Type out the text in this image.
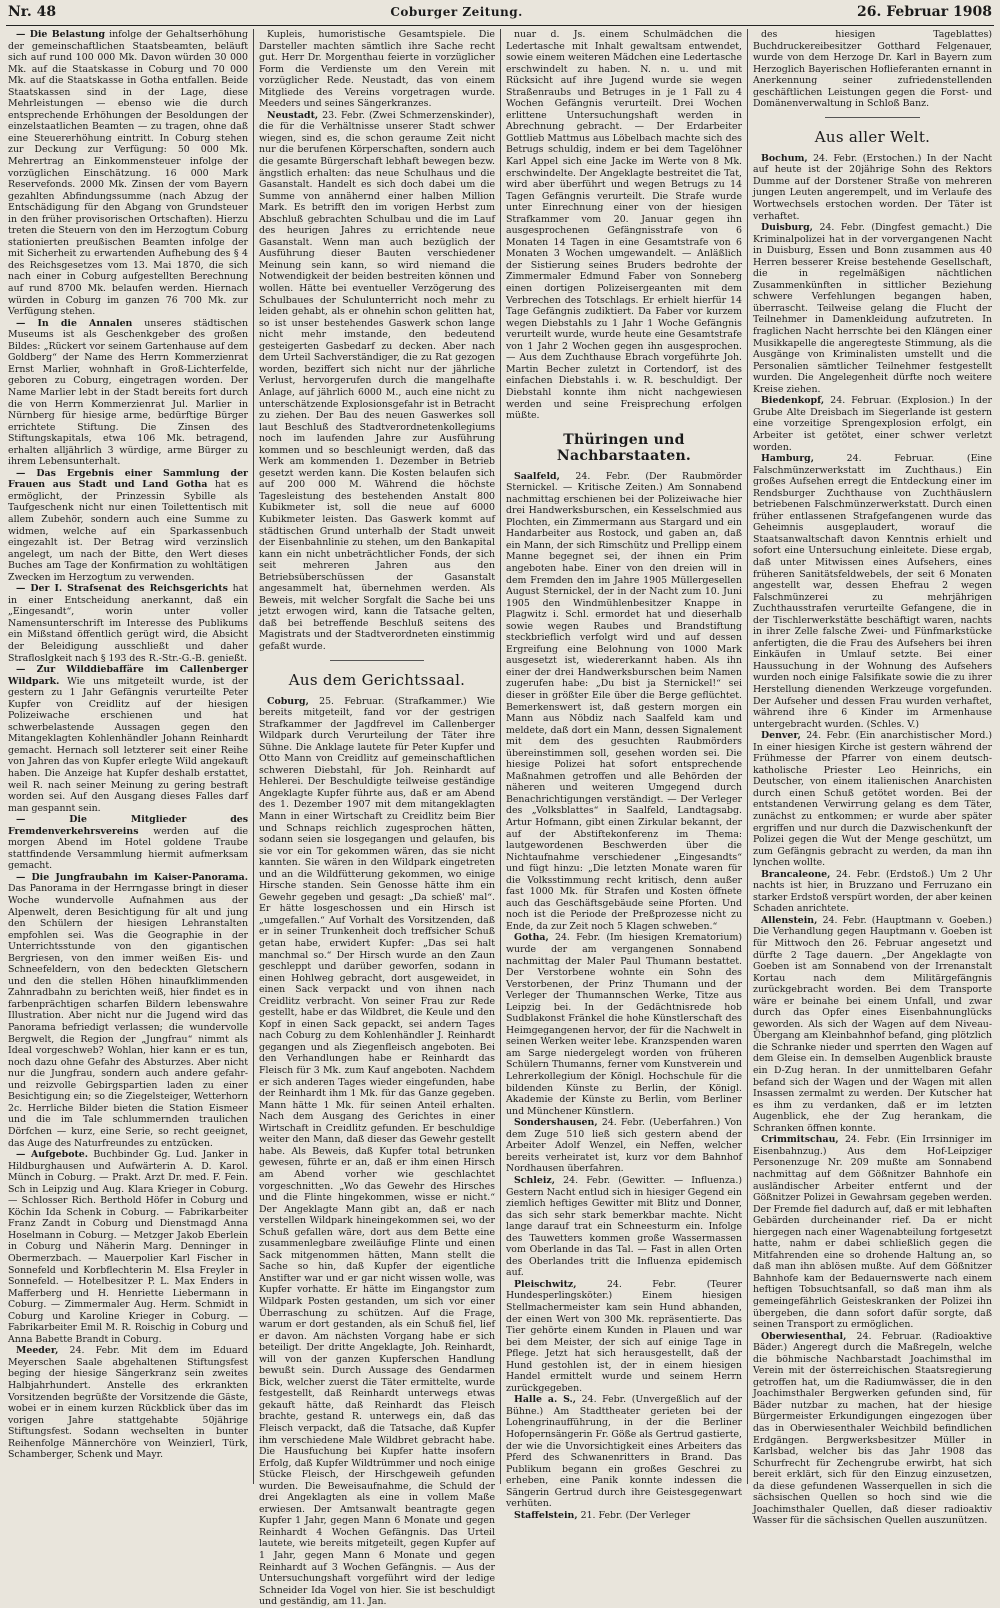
Nr. 48	Coburger Zeitung.	26. Februar 1908

— Die Belastung infolge der Gehaltserhöhung der gemeinschaftlichen Staatsbeamten, beläuft sich auf rund 100 000 Mk. Davon würden 30 000 Mk. auf die Staatskasse in Coburg und 70 000 Mk. auf die Staatskasse in Gotha entfallen. Beide Staatskassen sind in der Lage, diese Mehrleistungen — ebenso wie die durch entsprechende Erhöhungen der Besoldungen der einzelstaatlichen Beamten — zu tragen, ohne daß eine Steuererhöhung eintritt. In Coburg stehen zur Deckung zur Verfügung: 50 000 Mk. Mehrertrag an Einkommensteuer infolge der vorzüglichen Einschätzung. 16 000 Mark Reservefonds. 2000 Mk. Zinsen der vom Bayern gezahlten Abfindungssumme (nach Abzug der Entschädigung für den Abgang von Grundsteuer in den früher provisorischen Ortschaften). Hierzu treten die Steuern von den im Herzogtum Coburg stationierten preußischen Beamten infolge der mit Sicherheit zu erwartenden Aufhebung des § 4 des Reichsgesetzes vom 13. Mai 1870, die sich nach einer in Coburg aufgestellten Berechnung auf rund 8700 Mk. belaufen werden. Hiernach würden in Coburg im ganzen 76 700 Mk. zur Verfügung stehen.

— In die Annalen unseres städtischen Museums ist als Geschenkgeber des großen Bildes: „Rückert vor seinem Gartenhause auf dem Goldberg“ der Name des Herrn Kommerzienrat Ernst Marlier, wohnhaft in Groß-Lichterfelde, geboren zu Coburg, eingetragen worden. Der Name Marlier lebt in der Stadt bereits fort durch die von Herrn Kommerzienrat Jul. Marlier in Nürnberg für hiesige arme, bedürftige Bürger errichtete Stiftung. Die Zinsen des Stiftungskapitals, etwa 106 Mk. betragend, erhalten alljährlich 3 würdige, arme Bürger zu ihrem Lebensunterhalt.

— Das Ergebnis einer Sammlung der Frauen aus Stadt und Land Gotha hat es ermöglicht, der Prinzessin Sybille als Taufgeschenk nicht nur einen Toilettentisch mit allem Zubehör, sondern auch eine Summe zu widmen, welche auf ein Sparkassenbuch eingezahlt ist. Der Betrag wird verzinslich angelegt, um nach der Bitte, den Wert dieses Buches am Tage der Konfirmation zu wohltätigen Zwecken im Herzogtum zu verwenden.

— Der I. Strafsenat des Reichsgerichts hat in einer Entscheidung anerkannt, daß ein „Eingesandt“, worin unter voller Namensunterschrift im Interesse des Publikums ein Mißstand öffentlich gerügt wird, die Absicht der Beleidigung ausschließt und daher Strafloslgkeit nach § 193 des R.-Str.-G.-B. genießt.

— Zur Wilddiebaffäre im Callenberger Wildpark. Wie uns mitgeteilt wurde, ist der gestern zu 1 Jahr Gefängnis verurteilte Peter Kupfer von Creidlitz auf der hiesigen Polizeiwache erschienen und hat schwerbelastende Aussagen gegen den Mitangeklagten Kohlenhändler Johann Reinhardt gemacht. Hernach soll letzterer seit einer Reihe von Jahren das von Kupfer erlegte Wild angekauft haben. Die Anzeige hat Kupfer deshalb erstattet, weil R. nach seiner Meinung zu gering bestraft worden sei. Auf den Ausgang dieses Falles darf man gespannt sein.

— Die Mitglieder des Fremdenverkehrsvereins werden auf die morgen Abend im Hotel goldene Traube stattfindende Versammlung hiermit aufmerksam gemacht.

— Die Jungfraubahn im Kaiser-Panorama. Das Panorama in der Herrngasse bringt in dieser Woche wundervolle Aufnahmen aus der Alpenwelt, deren Besichtigung für alt und jung den Schülern der hiesigen Lehranstalten empfohlen sei. Was die Geographie in der Unterrichtsstunde von den gigantischen Bergriesen, von den immer weißen Eis- und Schneefeldern, von den bedeckten Gletschern und den die stellen Höhen hinaufklimmenden Zahnradbahn zu berichten weiß, hier findet es in farbenprächtigen scharfen Bildern lebenswahre Illustration. Aber nicht nur die Jugend wird das Panorama befriedigt verlassen; die wundervolle Bergwelt, die Region der „Jungfrau“ nimmt als Ideal vorgeschweb? Wohlan, hier kann er es tun, noch dazu ohne Gefahr des Absturzes. Aber nicht nur die Jungfrau, sondern auch andere gefahr- und reizvolle Gebirgspartien laden zu einer Besichtigung ein; so die Ziegelsteiger, Wetterhorn 2c. Herrliche Bilder bieten die Station Eismeer und die im Tale schlummernden traulichen Dörfchen — kurz, eine Serie, so recht geeignet, das Auge des Naturfreundes zu entzücken.

— Aufgebote. Buchbinder Gg. Lud. Janker in Hildburghausen und Aufwärterin A. D. Karol. Münch in Coburg. — Prakt. Arzt Dr. med. F. Fein. Sch in Leipzig und Aug. Klara Krieger in Coburg. — Schlosser Rich. Berthold Höfer in Coburg und Köchin Ida Schenk in Coburg. — Fabrikarbeiter Franz Zandt in Coburg und Dienstmagd Anna Hoselmann in Coburg. — Metzger Jakob Eberlein in Coburg und Näherin Marg. Denninger in Obermerzbach. — Mauerpolier Karl Fischer in Sonnefeld und Korbflechterin M. Elsa Freyler in Sonnefeld. — Hotelbesitzer P. L. Max Enders in Mafferberg und H. Henriette Liebermann in Coburg. — Zimmermaler Aug. Herm. Schmidt in Coburg und Karoline Krieger in Coburg. — Fabrikarbeiter Emil M. R. Roischig in Coburg und Anna Babette Brandt in Coburg.

Meeder, 24. Febr. Mit dem im Eduard Meyerschen Saale abgehaltenen Stiftungsfest beging der hiesige Sängerkranz sein zweites Halbjahrhundert. Anstelle des erkrankten Vorsitzenden begrüßte der Vorsitzende die Gäste, wobei er in einem kurzen Rückblick über das im vorigen Jahre stattgehabte 50jährige Stiftungsfest. Sodann wechselten in bunter Reihenfolge Männerchöre von Weinzierl, Türk, Schamberger, Schenk und Mayr.

Kupleis, humoristische Gesamtspiele. Die Darsteller machten sämtlich ihre Sache recht gut. Herr Dr. Morgenthau feierte in vorzüglicher Form die Verdienste um den Verein mit vorzüglicher Rede. Neustadt, das von einem Mitgliede des Vereins vorgetragen wurde. Meeders und seines Sängerkranzes.

Neustadt, 23. Febr. (Zwei Schmerzenskinder), die für die Verhältnisse unserer Stadt schwer wiegen, sind es, die schon geraume Zeit nicht nur die berufenen Körperschaften, sondern auch die gesamte Bürgerschaft lebhaft bewegen bezw. ängstlich erhalten: das neue Schulhaus und die Gasanstalt. Handelt es sich doch dabei um die Summe von annähernd einer halben Million Mark. Es betrifft den im vorigen Herbst zum Abschluß gebrachten Schulbau und die im Lauf des heurigen Jahres zu errichtende neue Gasanstalt. Wenn man auch bezüglich der Ausführung dieser Bauten verschiedener Meinung sein kann, so wird niemand die Notwendigkeit der beiden bestreiten können und wollen. Hätte bei eventueller Verzögerung des Schulbaues der Schulunterricht noch mehr zu leiden gehabt, als er ohnehin schon gelitten hat, so ist unser bestehendes Gaswerk schon lange nicht mehr imstande, den bedeutend gesteigerten Gasbedarf zu decken. Aber nach dem Urteil Sachverständiger, die zu Rat gezogen worden, beziffert sich nicht nur der jährliche Verlust, hervorgerufen durch die mangelhafte Anlage, auf jährlich 6000 M., auch eine nicht zu unterschätzende Explosionsgefahr ist in Betracht zu ziehen. Der Bau des neuen Gaswerkes soll laut Beschluß des Stadtverordnetenkollegiums noch im laufenden Jahre zur Ausführung kommen und so beschleunigt werden, daß das Werk am kommenden 1. Dezember in Betrieb gesetzt werden kann. Die Kosten belaufen sich auf 200 000 M. Während die höchste Tagesleistung des bestehenden Anstalt 800 Kubikmeter ist, soll die neue auf 6000 Kubikmeter leisten. Das Gaswerk kommt auf städtischen Grund unterhalb der Stadt unweit der Eisenbahnlinie zu stehen, um den Bankapital kann ein nicht unbeträchtlicher Fonds, der sich seit mehreren Jahren aus den Betriebsüberschüssen der Gasanstalt angesammelt hat, übernehmen werden. Als Beweis, mit welcher Sorgfalt die Sache bei uns jetzt erwogen wird, kann die Tatsache gelten, daß bei betreffende Beschluß seitens des Magistrats und der Stadtverordneten einstimmig gefaßt wurde.

Aus dem Gerichtssaal.

Coburg, 25. Februar. (Strafkammer.) Wie bereits mitgeteilt, fand vor der gestrigen Strafkammer der Jagdfrevel im Callenberger Wildpark durch Verurteilung der Täter ihre Sühne. Die Anklage lautete für Peter Kupfer und Otto Mann von Creidlitz auf gemeinschaftlichen schweren Diebstahl, für Joh. Reinhardt auf Hehlerei. Der Beschuldigte teilweise geständige Angeklagte Kupfer führte aus, daß er am Abend des 1. Dezember 1907 mit dem mitangeklagten Mann in einer Wirtschaft zu Creidlitz beim Bier und Schnaps reichlich zugesprochen hätten, sodann seien sie losgegangen und gelaufen, bis sie vor ein Tor gekommen wären, das sie nicht kannten. Sie wären in den Wildpark eingetreten und an die Wildfütterung gekommen, wo einige Hirsche standen. Sein Genosse hätte ihm ein Gewehr gegeben und gesagt: „Da schieß' mal“. Er hätte losgeschossen und ein Hirsch ist „umgefallen.“ Auf Vorhalt des Vorsitzenden, daß er in seiner Trunkenheit doch treffsicher Schuß getan habe, erwidert Kupfer: „Das sei halt manchmal so.“ Der Hirsch wurde an den Zaun geschleppt und darüber geworfen, sodann in einen Hohlweg gebracht, dort ausgeweidet, in einen Sack verpackt und von ihnen nach Creidlitz verbracht. Von seiner Frau zur Rede gestellt, habe er das Wildbret, die Keule und den Kopf in einen Sack gepackt, sei andern Tages nach Coburg zu dem Kohlenhändler J. Reinhardt gegangen und als Ziegenfleisch angeboten. Bei den Verhandlungen habe er Reinhardt das Fleisch für 3 Mk. zum Kauf angeboten. Nachdem er sich anderen Tages wieder eingefunden, habe der Reinhardt ihm 1 Mk. für das Ganze gegeben. Mann hätte 1 Mk. für seinen Anteil erhalten. Nach dem Ausgang des Gerichtes in einer Wirtschaft in Creidlitz gefunden. Er beschuldige weiter den Mann, daß dieser das Gewehr gestellt habe. Als Beweis, daß Kupfer total betrunken gewesen, führte er an, daß er ihm einen Hirsch am Abend vorher wie geschlachtet vorgeschnitten. „Wo das Gewehr des Hirsches und die Flinte hingekommen, wisse er nicht.“ Der Angeklagte Mann gibt an, daß er nach verstellen Wildpark hineingekommen sei, wo der Schuß gefallen wäre, dort aus dem Bette eine zusammenlegbare zweiläufige Flinte und einen Sack mitgenommen hätten, Mann stellt die Sache so hin, daß Kupfer der eigentliche Anstifter war und er gar nicht wissen wolle, was Kupfer vorhatte. Er hätte im Eingangstor zum Wildpark Posten gestanden, um sich vor einer Überraschung zu schützen. Auf die Frage, warum er dort gestanden, als ein Schuß fiel, lief er davon. Am nächsten Vorgang habe er sich beteiligt. Der dritte Angeklagte, Joh. Reinhardt, will von der ganzen Kupferschen Handlung bewußt sein. Durch Aussage des Gendarmen Bick, welcher zuerst die Täter ermittelte, wurde festgestellt, daß Reinhardt unterwegs etwas gekauft hätte, daß Reinhardt das Fleisch brachte, gestand R. unterwegs ein, daß das Fleisch verpackt, daß die Tatsache, daß Kupfer ihm verschiedene Male Wildbret gebracht habe. Die Hausfuchung bei Kupfer hatte insofern Erfolg, daß Kupfer Wildtrümmer und noch einige Stücke Fleisch, der Hirschgeweih gefunden wurden. Die Beweisaufnahme, die Schuld der drei Angeklagten als eine in vollem Maße erwiesen. Der Amtsanwalt beantragte gegen Kupfer 1 Jahr, gegen Mann 6 Monate und gegen Reinhardt 4 Wochen Gefängnis. Das Urteil lautete, wie bereits mitgeteilt, gegen Kupfer auf 1 Jahr, gegen Mann 6 Monate und gegen Reinhardt auf 3 Wochen Gefängnis. — Aus der Untersuchungshaft vorgeführt wird der ledige Schneider Ida Vogel von hier. Sie ist beschuldigt und geständig, am 11. Jan.

nuar d. Js. einem Schulmädchen die Ledertasche mit Inhalt gewaltsam entwendet, sowie einem weiteren Mädchen eine Ledertasche erschwindelt zu haben. N. n. u. und mit Rücksicht auf ihre Jugend wurde sie wegen Straßenraubs und Betruges in je 1 Fall zu 4 Wochen Gefängnis verurteilt. Drei Wochen erlittene Untersuchungshaft werden in Abrechnung gebracht. — Der Erdarbeiter Gottlieb Mattmus aus Löbelbach machte sich des Betrugs schuldig, indem er bei dem Tagelöhner Karl Appel sich eine Jacke im Werte von 8 Mk. erschwindelte. Der Angeklagte bestreitet die Tat, wird aber überführt und wegen Betrugs zu 14 Tagen Gefängnis verurteilt. Die Strafe wurde unter Einrechnung einer von der hiesigen Strafkammer vom 20. Januar gegen ihn ausgesprochenen Gefängnisstrafe von 6 Monaten 14 Tagen in eine Gesamtstrafe von 6 Monaten 3 Wochen umgewandelt. — Anläßlich der Sistierung seines Bruders bedrohte der Zimmermaler Edmund Faber von Sonneberg einen dortigen Polizeisergeanten mit dem Verbrechen des Totschlags. Er erhielt hierfür 14 Tage Gefängnis zudiktiert. Da Faber vor kurzem wegen Diebstahls zu 1 Jahr 1 Woche Gefängnis verurteilt wurde, wurde heute eine Gesamtstrafe von 1 Jahr 2 Wochen gegen ihn ausgesprochen. — Aus dem Zuchthause Ebrach vorgeführte Joh. Martin Becher zuletzt in Cortendorf, ist des einfachen Diebstahls i. w. R. beschuldigt. Der Diebstahl konnte ihm nicht nachgewiesen werden und seine Freisprechung erfolgen müßte.

Thüringen und Nachbarstaaten.

Saalfeld, 24. Febr. (Der Raubmörder Sternickel. — Kritische Zeiten.) Am Sonnabend nachmittag erschienen bei der Polizeiwache hier drei Handwerksburschen, ein Kesselschmied aus Plochten, ein Zimmermann aus Stargard und ein Handarbeiter aus Rostock, und gaben an, daß ein Mann, der sich Rimschütz und Prellipp einem Manne begegnet sei, der ihnen ein Prim angeboten habe. Einer von den dreien will in dem Fremden den im Jahre 1905 Müllergesellen August Sternickel, der in der Nacht zum 10. Juni 1905 den Windmühlenbesitzer Knappe in Plagwitz i. Schl. ermordet hat und dieserhalb sowie wegen Raubes und Brandstiftung steckbrieflich verfolgt wird und auf dessen Ergreifung eine Belohnung von 1000 Mark ausgesetzt ist, wiedererkannt haben. Als ihn einer der drei Handwerksburschen beim Namen zugerufen habe: „Du bist ja Sternickel!“ sei dieser in größter Eile über die Berge geflüchtet. Bemerkenswert ist, daß gestern morgen ein Mann aus Nöbdiz nach Saalfeld kam und meldete, daß dort ein Mann, dessen Signalement mit dem des gesuchten Raubmörders übereinstimmen soll, gesehen worden sei. Die hiesige Polizei hat sofort entsprechende Maßnahmen getroffen und alle Behörden der näheren und weiteren Umgegend durch Benachrichtigungen verständigt. — Der Verleger des „Volksblattes“ in Saalfeld, Landtagsabg. Artur Hofmann, gibt einen Zirkular bekannt, der auf der Abstiftekonferenz im Thema: lautgewordenen Beschwerden über die Nichtaufnahme verschiedener „Eingesandts“ und fügt hinzu: „Die letzten Monate waren für die Volksstimmung recht kritisch, denn außer fast 1000 Mk. für Strafen und Kosten öffnete auch das Geschäftsgebäude seine Pforten. Und noch ist die Periode der Preßprozesse nicht zu Ende, da zur Zeit noch 5 Klagen schweben.“

Gotha, 24. Febr. (Im hiesigen Krematorium) wurde der am vergangenen Sonnabend nachmittag der Maler Paul Thumann bestattet. Der Verstorbene wohnte ein Sohn des Verstorbenen, der Prinz Thumann und der Verleger der Thumannschen Werke, Titze aus Leipzig bei. In der Gedächtnisrede hob Sudblakonst Fränkel die hohe Künstlerschaft des Heimgegangenen hervor, der für die Nachwelt in seinen Werken weiter lebe. Kranzspenden waren am Sarge niedergelegt worden von früheren Schülern Thumanns, ferner vom Kunstverein und Lehrerkollegium der Königl. Hochschule für die bildenden Künste zu Berlin, der Königl. Akademie der Künste zu Berlin, vom Berliner und Münchener Künstlern.

Sondershausen, 24. Febr. (Ueberfahren.) Von dem Zuge 510 ließ sich gestern abend der Arbeiter Adolf Wenzel, ein Neffen, welcher bereits verheiratet ist, kurz vor dem Bahnhof Nordhausen überfahren.

Schleiz, 24. Febr. (Gewitter. — Influenza.) Gestern Nacht entlud sich in hiesiger Gegend ein ziemlich heftiges Gewitter mit Blitz und Donner, das sich sehr stark bemerkbar machte. Nicht lange darauf trat ein Schneesturm ein. Infolge des Tauwetters kommen große Wassermassen vom Oberlande in das Tal. — Fast in allen Orten des Oberlandes tritt die Influenza epidemisch auf.

Pleischwitz,	24. Febr. (Teurer Hundesperlingsköter.) Einem hiesigen Stellmachermeister kam sein Hund abhanden, der einen Wert von 300 Mk. repräsentierte. Das Tier gehörte einem Kunden in Plauen und war bei dem Meister, der sich auf einige Tage in Pflege. Jetzt hat sich herausgestellt, daß der Hund gestohlen ist, der in einem hiesigen Handel ermittelt wurde und seinem Herrn zurückgegeben.

Halle a. S., 24. Febr. (Unvergeßlich auf der Bühne.) Am Stadttheater gerieten bei der Lohengrinaufführung, in der die Berliner Hofopernsängerin Fr. Göße als Gertrud gastierte, der wie die Unvorsichtigkeit eines Arbeiters das Pferd des Schwanenritters in Brand. Das Publikum begann ein großes Geschrei zu erheben, eine Panik konnte indessen die Sängerin Gertrud durch ihre Geistesgegenwart verhüten.

Staffelstein, 21. Febr. (Der Verleger

des hiesigen Tageblattes) Buchdruckereibesitzer Gotthard Felgenauer, wurde von dem Herzoge Dr. Karl in Bayern zum Herzoglich Bayerischen Hoflieferanten ernannt in Anerkennung seiner zufriedenstellenden geschäftlichen Leistungen gegen die Forst- und Domänenverwaltung in Schloß Banz.

Aus aller Welt.

Bochum, 24. Febr. (Erstochen.) In der Nacht auf heute ist der 20jährige Sohn des Rektors Dumme auf der Dorstener Straße von mehreren jungen Leuten angerempelt, und im Verlaufe des Wortwechsels erstochen worden. Der Täter ist verhaftet.

Duisburg, 24. Febr. (Dingfest gemacht.) Die Kriminalpolizei hat in der vorvergangenen Nacht in Duisburg, Essen und Bonn zusammen aus 40 Herren besserer Kreise bestehende Gesellschaft, die in regelmäßigen nächtlichen Zusammenkünften in sittlicher Beziehung schwere Verfehlungen begangen haben, überrascht. Teilweise gelang die Flucht der Teilnehmer in Damenkleidung aufzutreten. In fraglichen Nacht herrschte bei den Klängen einer Musikkapelle die angeregteste Stimmung, als die Ausgänge von Kriminalisten umstellt und die Personalien sämtlicher Teilnehmer festgestellt wurden. Die Angelegenheit dürfte noch weitere Kreise ziehen.

Biedenkopf, 24. Februar. (Explosion.) In der Grube Alte Dreisbach im Siegerlande ist gestern eine vorzeitige Sprengexplosion erfolgt, ein Arbeiter ist getötet, einer schwer verletzt worden.

Hamburg,	24. Februar. (Eine Falschmünzerwerkstatt im Zuchthaus.) Ein großes Aufsehen erregt die Entdeckung einer im Rendsburger Zuchthause von Zuchthäuslern betriebenen Falschmünzerwerkstatt. Durch einen früher entlassenen Strafgefangenen wurde das Geheimnis ausgeplaudert, worauf die Staatsanwaltschaft davon Kenntnis erhielt und sofort eine Untersuchung einleitete. Diese ergab, daß unter Mitwissen eines Aufsehers, eines früheren Sanitätsfeldwebels, der seit 6 Monaten angestellt war, dessen Ehefrau 2 wegen Falschmünzerei zu mehrjährigen Zuchthausstrafen verurteilte Gefangene, die in der Tischlerwerkstätte beschäftigt waren, nachts in ihrer Zelle falsche Zwei- und Fünfmarkstücke anfertigten, die die Frau des Aufsehers bei ihren Einkäufen in Umlauf setzte. Bei einer Haussuchung in der Wohnung des Aufsehers wurden noch einige Falsifikate sowie die zu ihrer Herstellung dienenden Werkzeuge vorgefunden. Der Aufseher und dessen Frau wurden verhaftet, während ihre 6 Kinder im Armenhause untergebracht wurden. (Schles. V.)

Denver, 24. Febr. (Ein anarchistischer Mord.) In einer hiesigen Kirche ist gestern während der Frühmesse der Pfarrer von einem deutsch-katholische Priester Leo Heinrichs, ein Deutscher, von einem italienischen Anarchisten durch einen Schuß getötet worden. Bei der entstandenen Verwirrung gelang es dem Täter, zunächst zu entkommen; er wurde aber später ergriffen und nur durch die Dazwischenkunft der Polizei gegen die Wut der Menge geschützt, um zum Gefängnis gebracht zu werden, da man ihn lynchen wollte.

Brancaleone, 24. Febr. (Erdstoß.) Um 2 Uhr nachts ist hier, in Bruzzano und Ferruzano ein starker Erdstoß verspürt worden, der aber keinen Schaden anrichtete.

Allenstein, 24. Febr. (Hauptmann v. Goeben.) Die Verhandlung gegen Hauptmann v. Goeben ist für Mittwoch den 26. Februar angesetzt und dürfte 2 Tage dauern. „Der Angeklagte von Goeben ist am Sonnabend von der Irrenanstalt Kortau nach dem Militärgefängnis zurückgebracht worden. Bei dem Transporte wäre er beinahe bei einem Unfall, und zwar durch das Opfer eines Eisenbahnunglücks geworden. Als sich der Wagen auf dem Niveau-Übergang am Kleinbahnhof befand, ging plötzlich die Schranke nieder und sperrten den Wagen auf dem Gleise ein. In demselben Augenblick brauste ein D-Zug heran. In der unmittelbaren Gefahr befand sich der Wagen und der Wagen mit allen Insassen zermalmt zu werden. Der Kutscher hat es ihm zu verdanken, daß er im letzten Augenblick, ehe der Zug herankam, die Schranken öffnen konnte.

Crimmitschau, 24. Febr. (Ein Irrsinniger im Eisenbahnzug.) Aus dem Hof-Leipziger Personenzuge Nr. 209 mußte am Sonnabend nachmittag auf dem Gößnitzer Bahnhofe ein ausländischer Arbeiter entfernt und der Gößnitzer Polizei in Gewahrsam gegeben werden. Der Fremde fiel dadurch auf, daß er mit lebhaften Gebärden durcheinander rief. Da er nicht hiergegen nach einer Wagenabteilung fortgesetzt hatte, nahm er dabei schließlich gegen die Mitfahrenden eine so drohende Haltung an, so daß man ihn ablösen mußte. Auf dem Gößnitzer Bahnhofe kam der Bedauernswerte nach einem heftigen Tobsuchtsanfall, so daß man ihm als gemeingefährlich Geisteskranken der Polizei ihn übergeben, die dann sofort dafür sorgte, daß seinen Transport zu ermöglichen.

Oberwiesenthal, 24. Februar. (Radioaktive Bäder.) Angeregt durch die Maßregeln, welche die böhmische Nachbarstadt Joachimsthal im Verein mit der österreichischen Staatsregierung getroffen hat, um die Radiumwässer, die in den Joachimsthaler Bergwerken gefunden sind, für Bäder nutzbar zu machen, hat der hiesige Bürgermeister Erkundigungen eingezogen über das in Oberwiesenthaler Weichbild befindlichen Erdgängen. Bergwerksbesitzer Müller in Karlsbad, welcher bis das Jahr 1908 das Schurfrecht für Zechengrube erwirbt, hat sich bereit erklärt, sich für den Einzug einzusetzen, da diese gefundenen Wasserquellen in sich die sächsischen Quellen so hoch sind wie die Joachimsthaler Quellen, daß dieser radioaktiv Wasser für die sächsischen Quellen auszunützen.
